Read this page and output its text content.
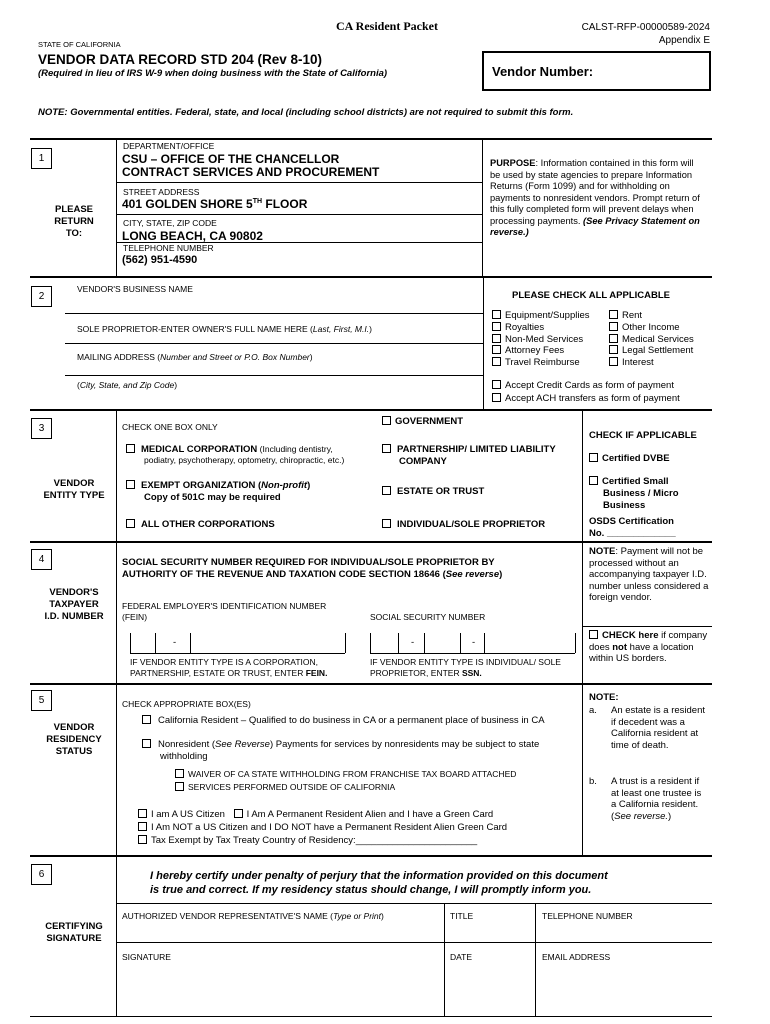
CA Resident Packet	CALST-RFP-00000589-2024
Appendix E
STATE OF CALIFORNIA
VENDOR DATA RECORD STD 204 (Rev 8-10)
(Required in lieu of IRS W-9 when doing business with the State of California)	Vendor Number:
NOTE: Governmental entities. Federal, state, and local (including school districts) are not required to submit this form.
1
PLEASE
RETURN
TO:
DEPARTMENT/OFFICE
CSU – OFFICE OF THE CHANCELLOR
CONTRACT SERVICES AND PROCUREMENT
STREET ADDRESS
401 GOLDEN SHORE 5TH FLOOR
CITY, STATE, ZIP CODE
LONG BEACH, CA 90802
TELEPHONE NUMBER
(562) 951-4590
PURPOSE: Information contained in this form will be used by state agencies to prepare Information Returns (Form 1099) and for withholding on payments to nonresident vendors. Prompt return of this fully completed form will prevent delays when processing payments. (See Privacy Statement on reverse.)
2
VENDOR'S BUSINESS NAME
SOLE PROPRIETOR-ENTER OWNER'S FULL NAME HERE (Last, First, M.I.)
MAILING ADDRESS (Number and Street or P.O. Box Number)
(City, State, and Zip Code)
PLEASE CHECK ALL APPLICABLE
Equipment/Supplies
Royalties
Non-Med Services
Attorney Fees
Travel Reimburse
Rent
Other Income
Medical Services
Legal Settlement
Interest
Accept Credit Cards as form of payment
Accept ACH transfers as form of payment
3
VENDOR
ENTITY TYPE
CHECK ONE BOX ONLY	GOVERNMENT
MEDICAL CORPORATION (Including dentistry,
podiatry, psychotherapy, optometry, chiropractic, etc.)
PARTNERSHIP/ LIMITED LIABILITY
COMPANY
EXEMPT ORGANIZATION (Non-profit)
Copy of 501C may be required
ESTATE OR TRUST
ALL OTHER CORPORATIONS	INDIVIDUAL/SOLE PROPRIETOR
CHECK IF APPLICABLE
Certified DVBE
Certified Small
Business / Micro
Business
OSDS Certification
No. _____________
4
VENDOR'S
TAXPAYER
I.D. NUMBER
SOCIAL SECURITY NUMBER REQUIRED FOR INDIVIDUAL/SOLE PROPRIETOR BY
AUTHORITY OF THE REVENUE AND TAXATION CODE SECTION 18646 (See reverse)
FEDERAL EMPLOYER'S IDENTIFICATION NUMBER
(FEIN)	SOCIAL SECURITY NUMBER
-	-	-
IF VENDOR ENTITY TYPE IS A CORPORATION,
PARTNERSHIP, ESTATE OR TRUST, ENTER FEIN.
IF VENDOR ENTITY TYPE IS INDIVIDUAL/ SOLE
PROPRIETOR, ENTER SSN.
NOTE: Payment will not be processed without an accompanying taxpayer I.D. number unless considered a foreign vendor.
CHECK here if company does not have a location within US borders.
5
VENDOR
RESIDENCY
STATUS
CHECK APPROPRIATE BOX(ES)
California Resident – Qualified to do business in CA or a permanent place of business in CA
Nonresident (See Reverse) Payments for services by nonresidents may be subject to state
withholding
WAIVER OF CA STATE WITHHOLDING FROM FRANCHISE TAX BOARD ATTACHED
SERVICES PERFORMED OUTSIDE OF CALIFORNIA
I am A US Citizen I Am A Permanent Resident Alien and I have a Green Card
I Am NOT a US Citizen and I DO NOT have a Permanent Resident Alien Green Card
Tax Exempt by Tax Treaty Country of Residency:_______________________
NOTE:
a. An estate is a resident if decedent was a California resident at time of death.
b. A trust is a resident if at least one trustee is a California resident. (See reverse.)
6
CERTIFYING
SIGNATURE
I hereby certify under penalty of perjury that the information provided on this document
is true and correct. If my residency status should change, I will promptly inform you.
AUTHORIZED VENDOR REPRESENTATIVE'S NAME (Type or Print)	TITLE	TELEPHONE NUMBER
SIGNATURE	DATE	EMAIL ADDRESS
